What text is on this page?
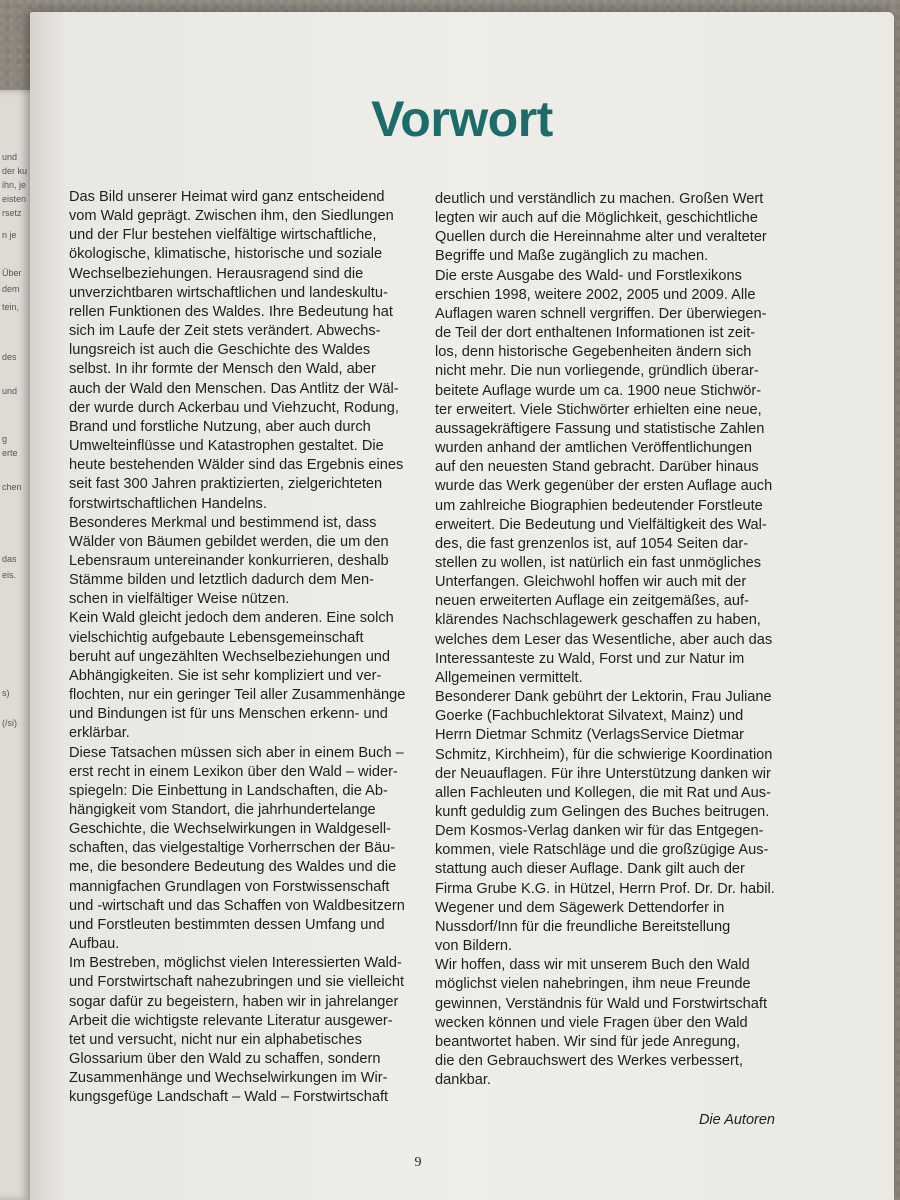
und
der ku
ihn, je
eisten
rsetz
n je
Über
dem
tein,
des
und
g
erte
chen
das
eis.
s)
(/si)
Vorwort

Das Bild unserer Heimat wird ganz entscheidend
vom Wald geprägt. Zwischen ihm, den Siedlungen
und der Flur bestehen vielfältige wirtschaftliche,
ökologische, klimatische, historische und soziale
Wechselbeziehungen. Herausragend sind die
unverzichtbaren wirtschaftlichen und landeskultu-
rellen Funktionen des Waldes. Ihre Bedeutung hat
sich im Laufe der Zeit stets verändert. Abwechs-
lungsreich ist auch die Geschichte des Waldes
selbst. In ihr formte der Mensch den Wald, aber
auch der Wald den Menschen. Das Antlitz der Wäl-
der wurde durch Ackerbau und Viehzucht, Rodung,
Brand und forstliche Nutzung, aber auch durch
Umwelteinflüsse und Katastrophen gestaltet. Die
heute bestehenden Wälder sind das Ergebnis eines
seit fast 300 Jahren praktizierten, zielgerichteten
forstwirtschaftlichen Handelns.

Besonderes Merkmal und bestimmend ist, dass
Wälder von Bäumen gebildet werden, die um den
Lebensraum untereinander konkurrieren, deshalb
Stämme bilden und letztlich dadurch dem Men-
schen in vielfältiger Weise nützen.

Kein Wald gleicht jedoch dem anderen. Eine solch
vielschichtig aufgebaute Lebensgemeinschaft
beruht auf ungezählten Wechselbeziehungen und
Abhängigkeiten. Sie ist sehr kompliziert und ver-
flochten, nur ein geringer Teil aller Zusammenhänge
und Bindungen ist für uns Menschen erkenn- und
erklärbar.

Diese Tatsachen müssen sich aber in einem Buch –
erst recht in einem Lexikon über den Wald – wider-
spiegeln: Die Einbettung in Landschaften, die Ab-
hängigkeit vom Standort, die jahrhundertelange
Geschichte, die Wechselwirkungen in Waldgesell-
schaften, das vielgestaltige Vorherrschen der Bäu-
me, die besondere Bedeutung des Waldes und die
mannigfachen Grundlagen von Forstwissenschaft
und -wirtschaft und das Schaffen von Waldbesitzern
und Forstleuten bestimmten dessen Umfang und
Aufbau.

Im Bestreben, möglichst vielen Interessierten Wald-
und Forstwirtschaft nahezubringen und sie vielleicht
sogar dafür zu begeistern, haben wir in jahrelanger
Arbeit die wichtigste relevante Literatur ausgewer-
tet und versucht, nicht nur ein alphabetisches
Glossarium über den Wald zu schaffen, sondern
Zusammenhänge und Wechselwirkungen im Wir-
kungsgefüge Landschaft – Wald – Forstwirtschaft

deutlich und verständlich zu machen. Großen Wert
legten wir auch auf die Möglichkeit, geschichtliche
Quellen durch die Hereinnahme alter und veralteter
Begriffe und Maße zugänglich zu machen.

Die erste Ausgabe des Wald- und Forstlexikons
erschien 1998, weitere 2002, 2005 und 2009. Alle
Auflagen waren schnell vergriffen. Der überwiegen-
de Teil der dort enthaltenen Informationen ist zeit-
los, denn historische Gegebenheiten ändern sich
nicht mehr. Die nun vorliegende, gründlich überar-
beitete Auflage wurde um ca. 1900 neue Stichwör-
ter erweitert. Viele Stichwörter erhielten eine neue,
aussagekräftigere Fassung und statistische Zahlen
wurden anhand der amtlichen Veröffentlichungen
auf den neuesten Stand gebracht. Darüber hinaus
wurde das Werk gegenüber der ersten Auflage auch
um zahlreiche Biographien bedeutender Forstleute
erweitert. Die Bedeutung und Vielfältigkeit des Wal-
des, die fast grenzenlos ist, auf 1054 Seiten dar-
stellen zu wollen, ist natürlich ein fast unmögliches
Unterfangen. Gleichwohl hoffen wir auch mit der
neuen erweiterten Auflage ein zeitgemäßes, auf-
klärendes Nachschlagewerk geschaffen zu haben,
welches dem Leser das Wesentliche, aber auch das
Interessanteste zu Wald, Forst und zur Natur im
Allgemeinen vermittelt.

Besonderer Dank gebührt der Lektorin, Frau Juliane
Goerke (Fachbuchlektorat Silvatext, Mainz) und
Herrn Dietmar Schmitz (VerlagsService Dietmar
Schmitz, Kirchheim), für die schwierige Koordination
der Neuauflagen. Für ihre Unterstützung danken wir
allen Fachleuten und Kollegen, die mit Rat und Aus-
kunft geduldig zum Gelingen des Buches beitrugen.
Dem Kosmos-Verlag danken wir für das Entgegen-
kommen, viele Ratschläge und die großzügige Aus-
stattung auch dieser Auflage. Dank gilt auch der
Firma Grube K.G. in Hützel, Herrn Prof. Dr. Dr. habil.
Wegener und dem Sägewerk Dettendorfer in
Nussdorf/Inn für die freundliche Bereitstellung
von Bildern.

Wir hoffen, dass wir mit unserem Buch den Wald
möglichst vielen nahebringen, ihm neue Freunde
gewinnen, Verständnis für Wald und Forstwirtschaft
wecken können und viele Fragen über den Wald
beantwortet haben. Wir sind für jede Anregung,
die den Gebrauchswert des Werkes verbessert,
dankbar.

Die Autoren
9
